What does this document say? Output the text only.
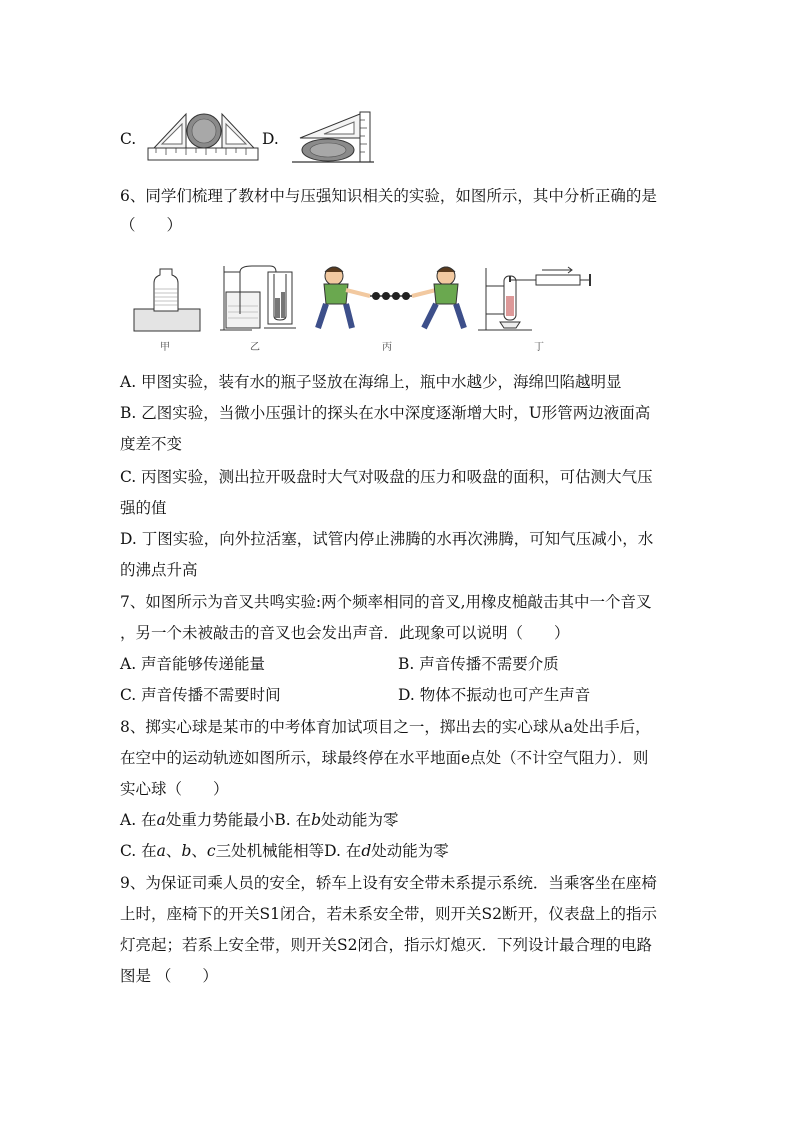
C.	D.
6、同学们梳理了教材中与压强知识相关的实验，如图所示，其中分析正确的是
（　　）
甲	乙	丙	丁
A. 甲图实验，装有水的瓶子竖放在海绵上，瓶中水越少，海绵凹陷越明显
B. 乙图实验，当微小压强计的探头在水中深度逐渐增大时，U形管两边液面高
度差不变
C. 丙图实验，测出拉开吸盘时大气对吸盘的压力和吸盘的面积，可估测大气压
强的值
D. 丁图实验，向外拉活塞，试管内停止沸腾的水再次沸腾，可知气压减小，水
的沸点升高
7、如图所示为音叉共鸣实验:两个频率相同的音叉,用橡皮槌敲击其中一个音叉
，另一个未被敲击的音叉也会发出声音．此现象可以说明（　　）
A. 声音能够传递能量	B. 声音传播不需要介质
C. 声音传播不需要时间	D. 物体不振动也可产生声音
8、掷实心球是某市的中考体育加试项目之一，掷出去的实心球从a处出手后，
在空中的运动轨迹如图所示，球最终停在水平地面e点处（不计空气阻力）．则
实心球（　　）
A. 在a处重力势能最小B. 在b处动能为零
C. 在a、b、c三处机械能相等D. 在d处动能为零
9、为保证司乘人员的安全，轿车上设有安全带未系提示系统．当乘客坐在座椅
上时，座椅下的开关S1闭合，若未系安全带，则开关S2断开，仪表盘上的指示
灯亮起；若系上安全带，则开关S2闭合，指示灯熄灭．下列设计最合理的电路
图是 （　　）
